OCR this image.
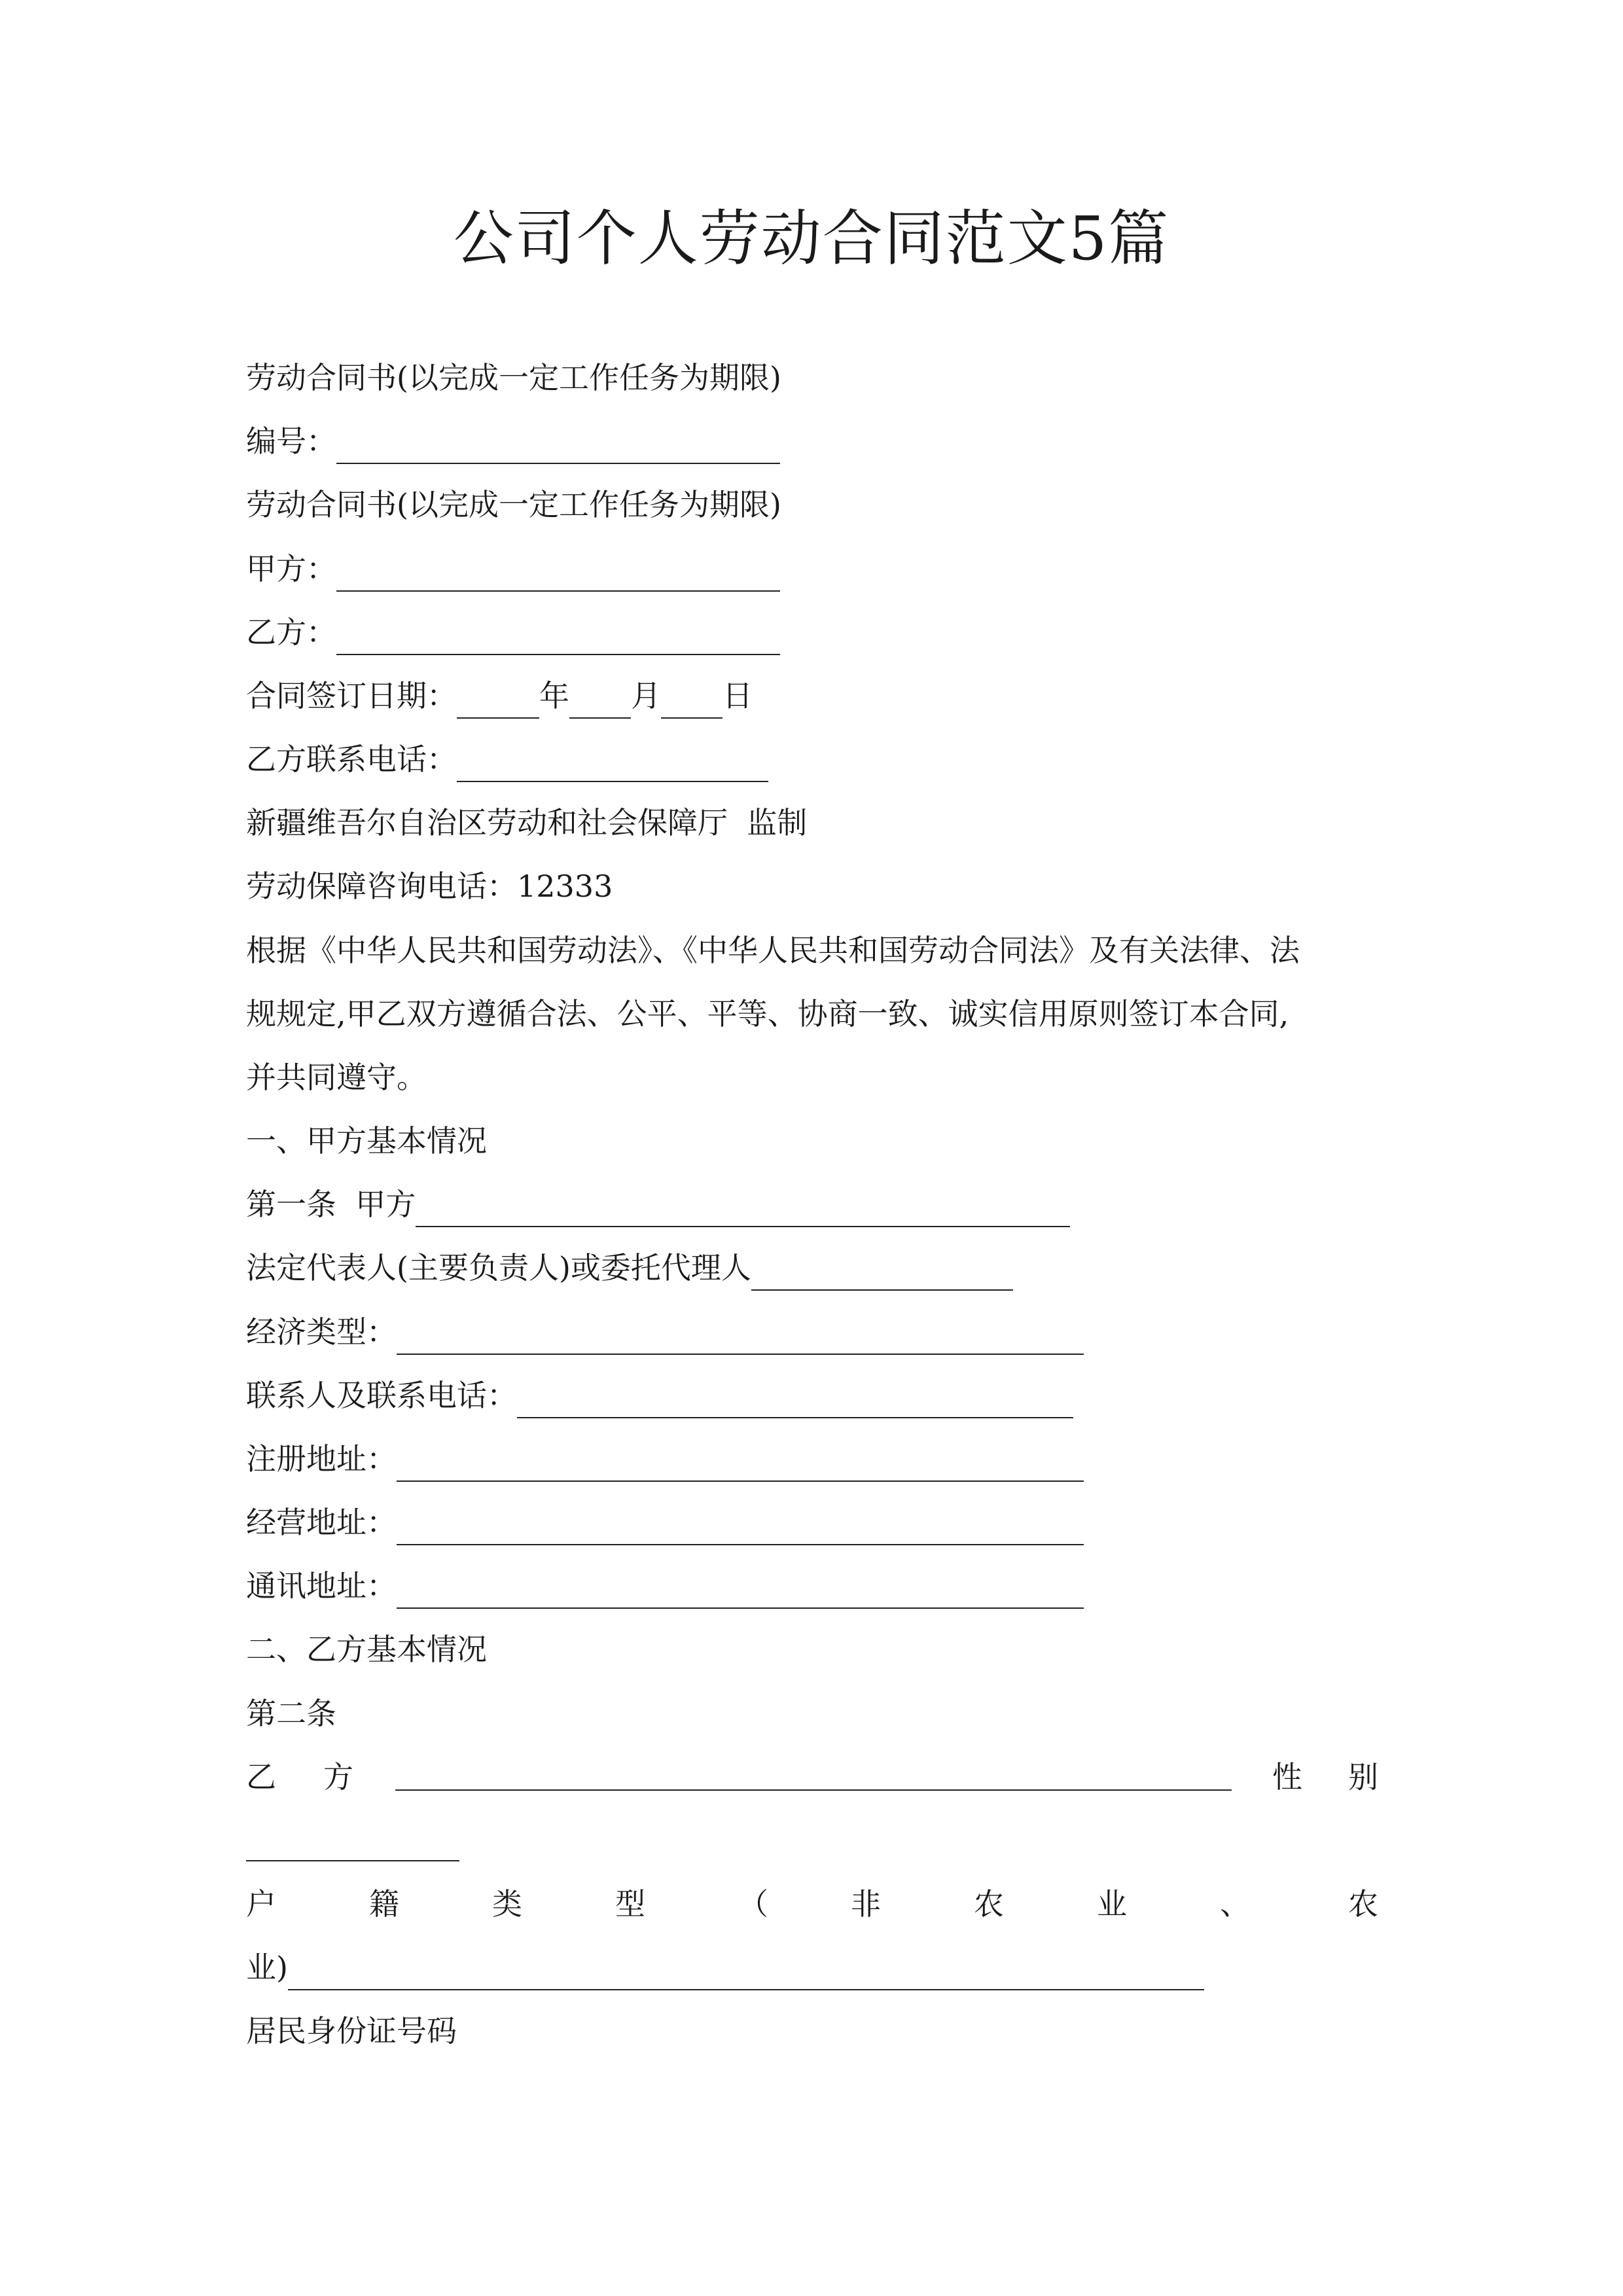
公司个人劳动合同范文5篇
劳动合同书(以完成一定工作任务为期限)
编号：
劳动合同书(以完成一定工作任务为期限)
甲方：
乙方：
合同签订日期：	年 月 日
乙方联系电话：
新疆维吾尔自治区劳动和社会保障厅  监制
劳动保障咨询电话：12333
根据《中华人民共和国劳动法》、《中华人民共和国劳动合同法》及有关法律、法
规规定,甲乙双方遵循合法、公平、平等、协商一致、诚实信用原则签订本合同,
并共同遵守。
一、甲方基本情况
第一条  甲方
法定代表人(主要负责人)或委托代理人
经济类型：
联系人及联系电话：
注册地址：
经营地址：
通讯地址：
二、乙方基本情况
第二条
乙 方	性 别
户	籍	类	型	（	非	农	业	、	农
业)
居民身份证号码
